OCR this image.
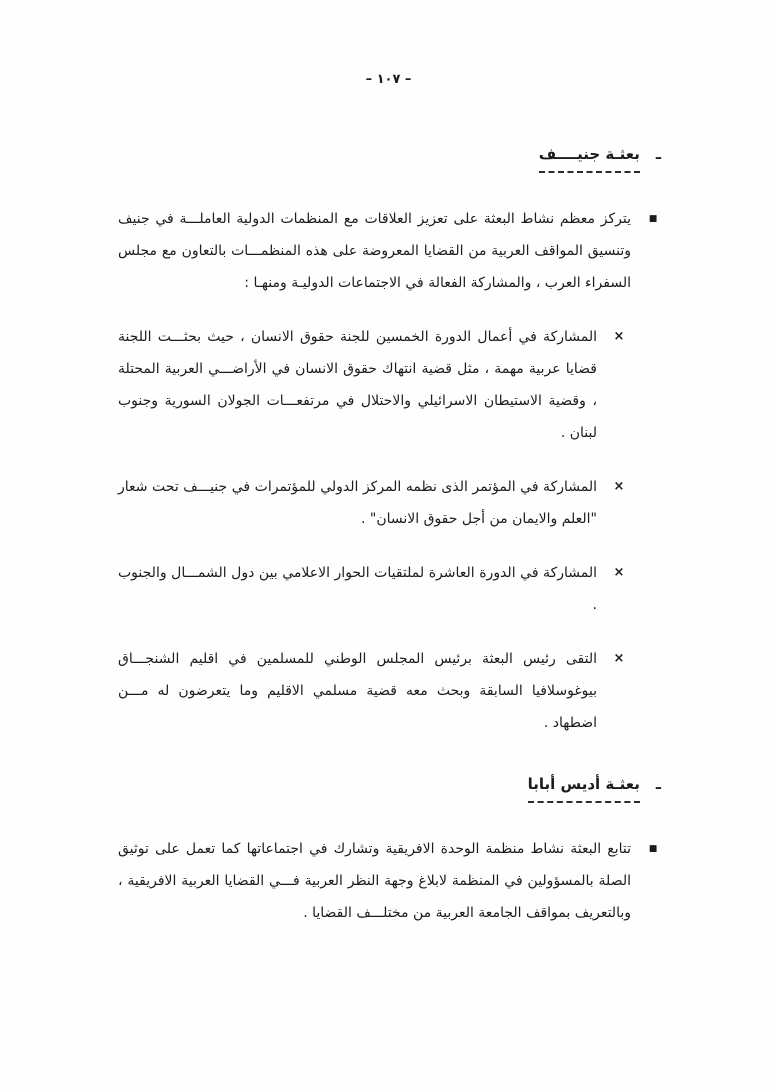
– ١٠٧ –
ـ
بعثـة جنيــــف
■
يتركز معظم نشاط البعثة على تعزيز العلاقات مع المنظمات الدولية العاملـــة في جنيف وتنسيق المواقف العربية من القضايا المعروضة على هذه المنظمـــات بالتعاون مع مجلس السفراء العرب ، والمشاركة الفعالة في الاجتماعات الدوليـة ومنهـا :
×
المشاركة في أعمال الدورة الخمسين للجنة حقوق الانسان ، حيث بحثـــت اللجنة قضايا عربية مهمة ، مثل قضية انتهاك حقوق الانسان في الأراضـــي العربية المحتلة ، وقضية الاستيطان الاسرائيلي والاحتلال في مرتفعـــات الجولان السورية وجنوب لبنان .
×
المشاركة في المؤتمر الذى نظمه المركز الدولي للمؤتمرات في جنيـــف تحت شعار "العلم والايمان من أجل حقوق الانسان" .
×
المشاركة في الدورة العاشرة لملتقيات الحوار الاعلامي بين دول الشمـــال والجنوب .
×
التقى رئيس البعثة برئيس المجلس الوطني للمسلمين في اقليم الشنجـــاق بيوغوسلافيا السابقة وبحث معه قضية مسلمي الاقليم وما يتعرضون له مـــن اضطهاد .
ـ
بعثـة أديس أبابا
■
تتابع البعثة نشاط منظمة الوحدة الافريقية وتشارك في اجتماعاتها كما تعمل على توثيق الصلة بالمسؤولين في المنظمة لابلاغ وجهة النظر العربية فـــي القضايا العربية الافريقية ، وبالتعريف بمواقف الجامعة العربية من مختلـــف القضايا .
